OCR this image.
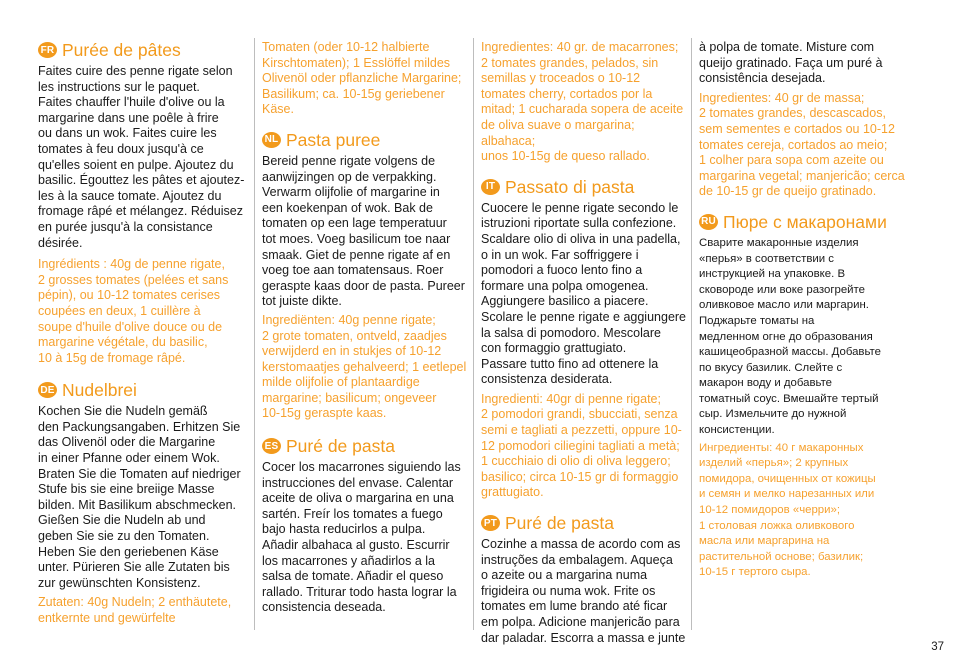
FR Purée de pâtes

Faites cuire des penne rigate selon
les instructions sur le paquet.
Faites chauffer l'huile d'olive ou la
margarine dans une poêle à frire
ou dans un wok. Faites cuire les
tomates à feu doux jusqu'à ce
qu'elles soient en pulpe. Ajoutez du
basilic. Égouttez les pâtes et ajoutez-
les à la sauce tomate. Ajoutez du
fromage râpé et mélangez. Réduisez
en purée jusqu'à la consistance
désirée.

Ingrédients : 40g de penne rigate,
2 grosses tomates (pelées et sans
pépin), ou 10-12 tomates cerises
coupées en deux, 1 cuillère à
soupe d'huile d'olive douce ou de
margarine végétale, du basilic,
10 à 15g de fromage râpé.

DE Nudelbrei

Kochen Sie die Nudeln gemäß
den Packungsangaben. Erhitzen Sie
das Olivenöl oder die Margarine
in einer Pfanne oder einem Wok.
Braten Sie die Tomaten auf niedriger
Stufe bis sie eine breiige Masse
bilden. Mit Basilikum abschmecken.
Gießen Sie die Nudeln ab und
geben Sie sie zu den Tomaten.
Heben Sie den geriebenen Käse
unter. Pürieren Sie alle Zutaten bis
zur gewünschten Konsistenz.

Zutaten: 40g Nudeln; 2 enthäutete,
entkernte und gewürfelte

Tomaten (oder 10-12 halbierte
Kirschtomaten); 1 Esslöffel mildes
Olivenöl oder pflanzliche Margarine;
Basilikum; ca. 10-15g geriebener
Käse.

NL Pasta puree

Bereid penne rigate volgens de
aanwijzingen op de verpakking.
Verwarm olijfolie of margarine in
een koekenpan of wok. Bak de
tomaten op een lage temperatuur
tot moes. Voeg basilicum toe naar
smaak. Giet de penne rigate af en
voeg toe aan tomatensaus. Roer
geraspte kaas door de pasta. Pureer
tot juiste dikte.

Ingrediënten: 40g penne rigate;
2 grote tomaten, ontveld, zaadjes
verwijderd en in stukjes of 10-12
kerstomaatjes gehalveerd; 1 eetlepel
milde olijfolie of plantaardige
margarine; basilicum; ongeveer
10-15g geraspte kaas.

ES Puré de pasta

Cocer los macarrones siguiendo las
instrucciones del envase. Calentar
aceite de oliva o margarina en una
sartén. Freír los tomates a fuego
bajo hasta reducirlos a pulpa.
Añadir albahaca al gusto. Escurrir
los macarrones y añadirlos a la
salsa de tomate. Añadir el queso
rallado. Triturar todo hasta lograr la
consistencia deseada.

Ingredientes: 40 gr. de macarrones;
2 tomates grandes, pelados, sin
semillas y troceados o 10-12
tomates cherry, cortados por la
mitad; 1 cucharada sopera de aceite
de oliva suave o margarina; albahaca;
unos 10-15g de queso rallado.

IT Passato di pasta

Cuocere le penne rigate secondo le
istruzioni riportate sulla confezione.
Scaldare olio di oliva in una padella,
o in un wok. Far soffriggere i
pomodori a fuoco lento fino a
formare una polpa omogenea.
Aggiungere basilico a piacere.
Scolare le penne rigate e aggiungere
la salsa di pomodoro. Mescolare
con formaggio grattugiato.
Passare tutto fino ad ottenere la
consistenza desiderata.

Ingredienti: 40gr di penne rigate;
2 pomodori grandi, sbucciati, senza
semi e tagliati a pezzetti, oppure 10-
12 pomodori ciliegini tagliati a metà;
1 cucchiaio di olio di oliva leggero;
basilico; circa 10-15 gr di formaggio
grattugiato.

PT Puré de pasta

Cozinhe a massa de acordo com as
instruções da embalagem. Aqueça
o azeite ou a margarina numa
frigideira ou numa wok. Frite os
tomates em lume brando até ficar
em polpa. Adicione manjericão para
dar paladar. Escorra a massa e junte

à polpa de tomate. Misture com
queijo gratinado. Faça um puré à
consistência desejada.

Ingredientes: 40 gr de massa;
2 tomates grandes, descascados,
sem sementes e cortados ou 10-12
tomates cereja, cortados ao meio;
1 colher para sopa com azeite ou
margarina vegetal; manjericão; cerca
de 10-15 gr de queijo gratinado.

RU Пюре с макаронами

Сварите макаронные изделия
«перья» в соответствии с
инструкцией на упаковке. В
сковороде или воке разогрейте
оливковое масло или маргарин.
Поджарьте томаты на
медленном огне до образования
кашицеобразной массы. Добавьте
по вкусу базилик. Слейте с
макарон воду и добавьте
томатный соус. Вмешайте тертый
сыр. Измельчите до нужной
консистенции.

Ингредиенты: 40 г макаронных
изделий «перья»; 2 крупных
помидора, очищенных от кожицы
и семян и мелко нарезанных или
10-12 помидоров «черри»;
1 столовая ложка оливкового
масла или маргарина на
растительной основе; базилик;
10-15 г тертого сыра.

37
